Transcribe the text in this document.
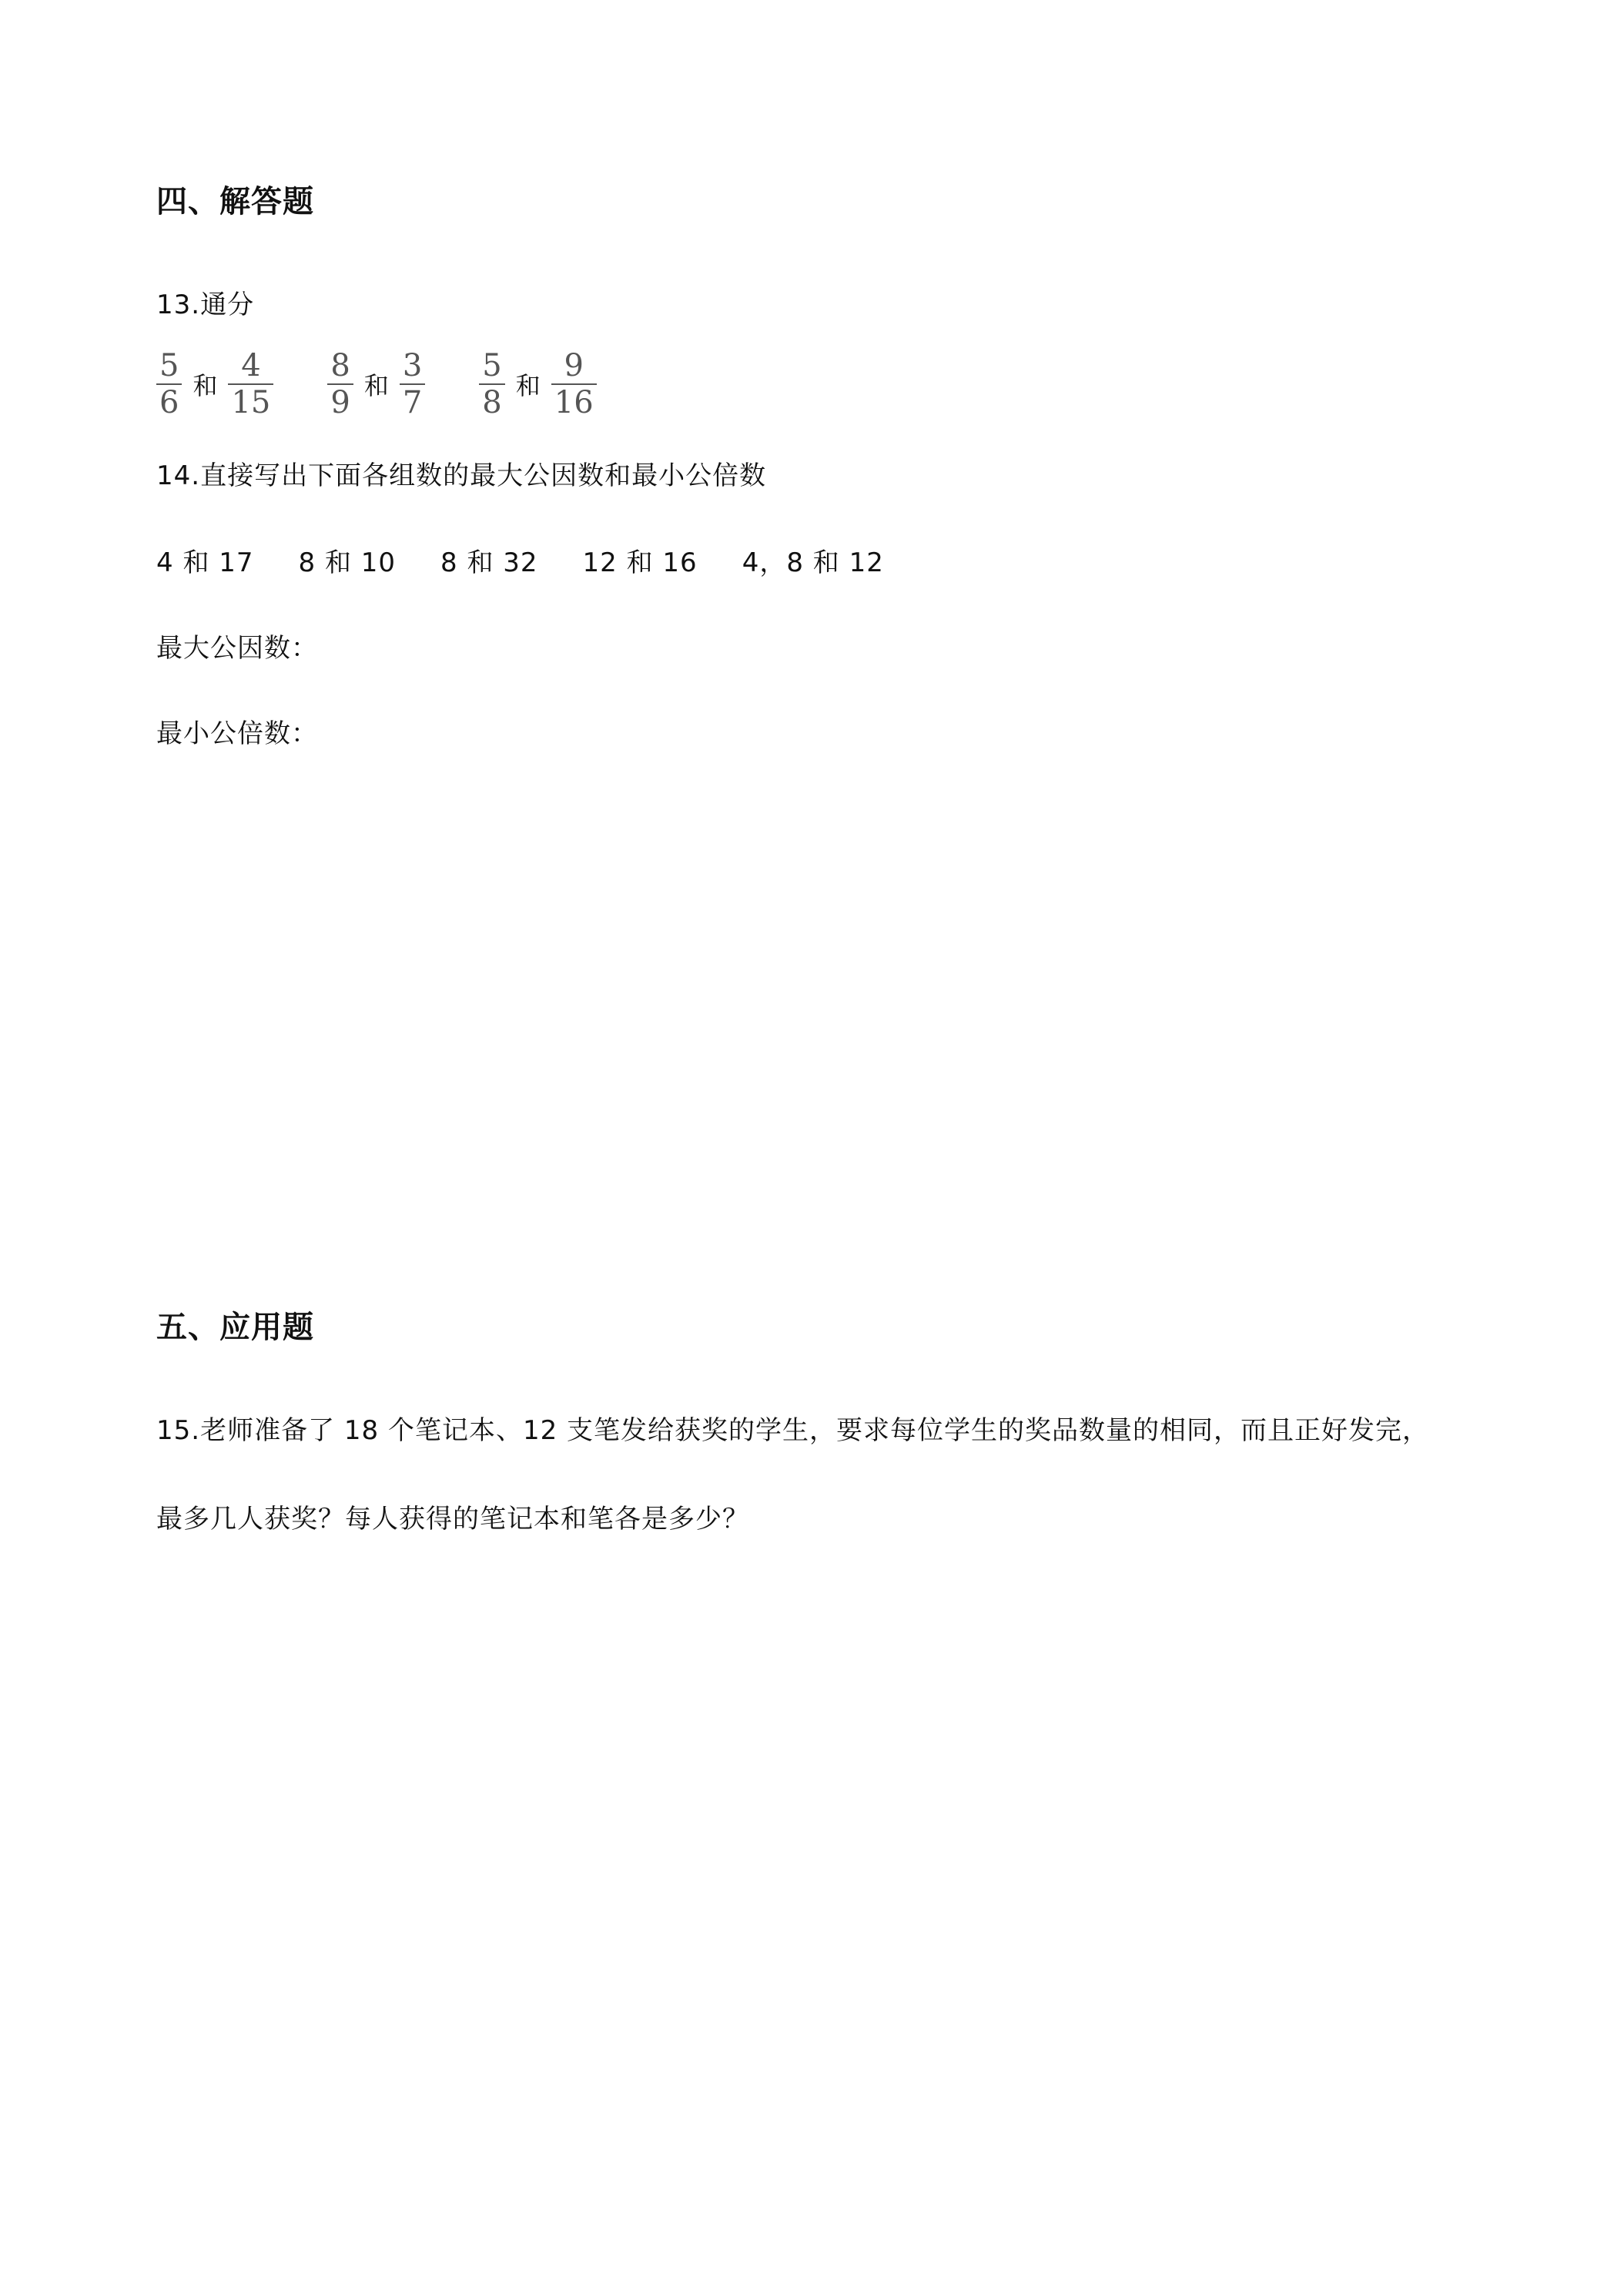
四、解答题
13.通分
$\frac{5}{6}$ 和 $\frac{4}{15} \frac{8}{9}$ 和 $\frac{3}{7} \frac{5}{8}$ 和 $\frac{9}{16}$
14.直接写出下面各组数的最大公因数和最小公倍数
4 和 17 8 和 10 8 和 32 12 和 16 4，8 和 12
最大公因数：
最小公倍数：
五、应用题
15.老师准备了 18 个笔记本、12 支笔发给获奖的学生，要求每位学生的奖品数量的相同，而且正好发完，
最多几人获奖？每人获得的笔记本和笔各是多少？
